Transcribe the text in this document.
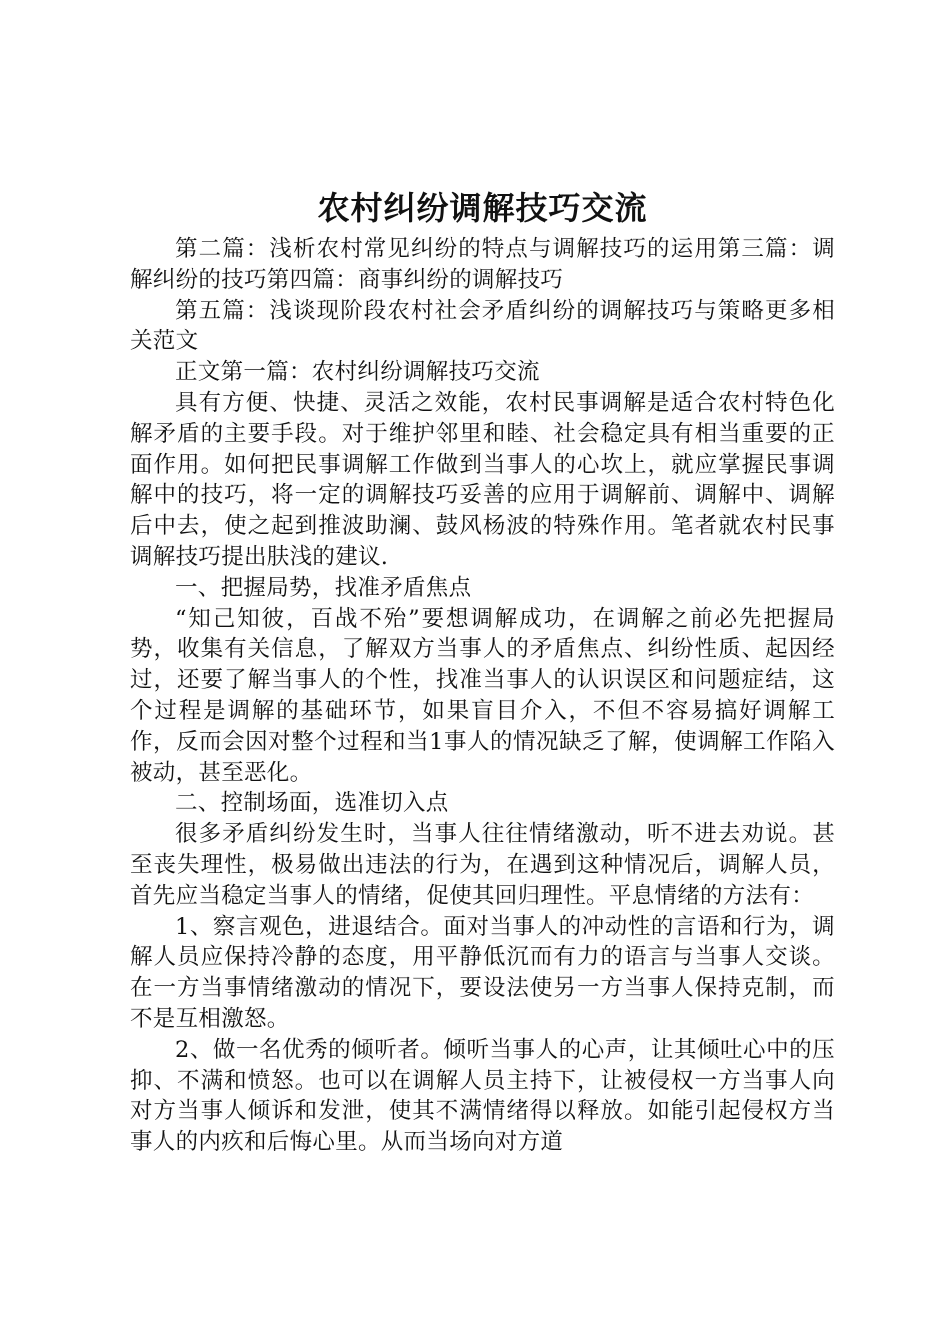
农村纠纷调解技巧交流

第二篇：浅析农村常见纠纷的特点与调解技巧的运用第三篇：调解纠纷的技巧第四篇：商事纠纷的调解技巧

第五篇：浅谈现阶段农村社会矛盾纠纷的调解技巧与策略更多相关范文

正文第一篇：农村纠纷调解技巧交流

具有方便、快捷、灵活之效能，农村民事调解是适合农村特色化解矛盾的主要手段。对于维护邻里和睦、社会稳定具有相当重要的正面作用。如何把民事调解工作做到当事人的心坎上，就应掌握民事调解中的技巧，将一定的调解技巧妥善的应用于调解前、调解中、调解后中去，使之起到推波助澜、鼓风杨波的特殊作用。笔者就农村民事调解技巧提出肤浅的建议.

一、把握局势，找准矛盾焦点

“知己知彼，百战不殆”要想调解成功，在调解之前必先把握局势，收集有关信息，了解双方当事人的矛盾焦点、纠纷性质、起因经过，还要了解当事人的个性，找准当事人的认识误区和问题症结，这个过程是调解的基础环节，如果盲目介入，不但不容易搞好调解工作，反而会因对整个过程和当1事人的情况缺乏了解，使调解工作陷入被动，甚至恶化。

二、控制场面，选准切入点

很多矛盾纠纷发生时，当事人往往情绪激动，听不进去劝说。甚至丧失理性，极易做出违法的行为，在遇到这种情况后，调解人员，首先应当稳定当事人的情绪，促使其回归理性。平息情绪的方法有：

1、察言观色，进退结合。面对当事人的冲动性的言语和行为，调解人员应保持冷静的态度，用平静低沉而有力的语言与当事人交谈。在一方当事情绪激动的情况下，要设法使另一方当事人保持克制，而不是互相激怒。

2、做一名优秀的倾听者。倾听当事人的心声，让其倾吐心中的压抑、不满和愤怒。也可以在调解人员主持下，让被侵权一方当事人向对方当事人倾诉和发泄，使其不满情绪得以释放。如能引起侵权方当事人的内疚和后悔心里。从而当场向对方道
